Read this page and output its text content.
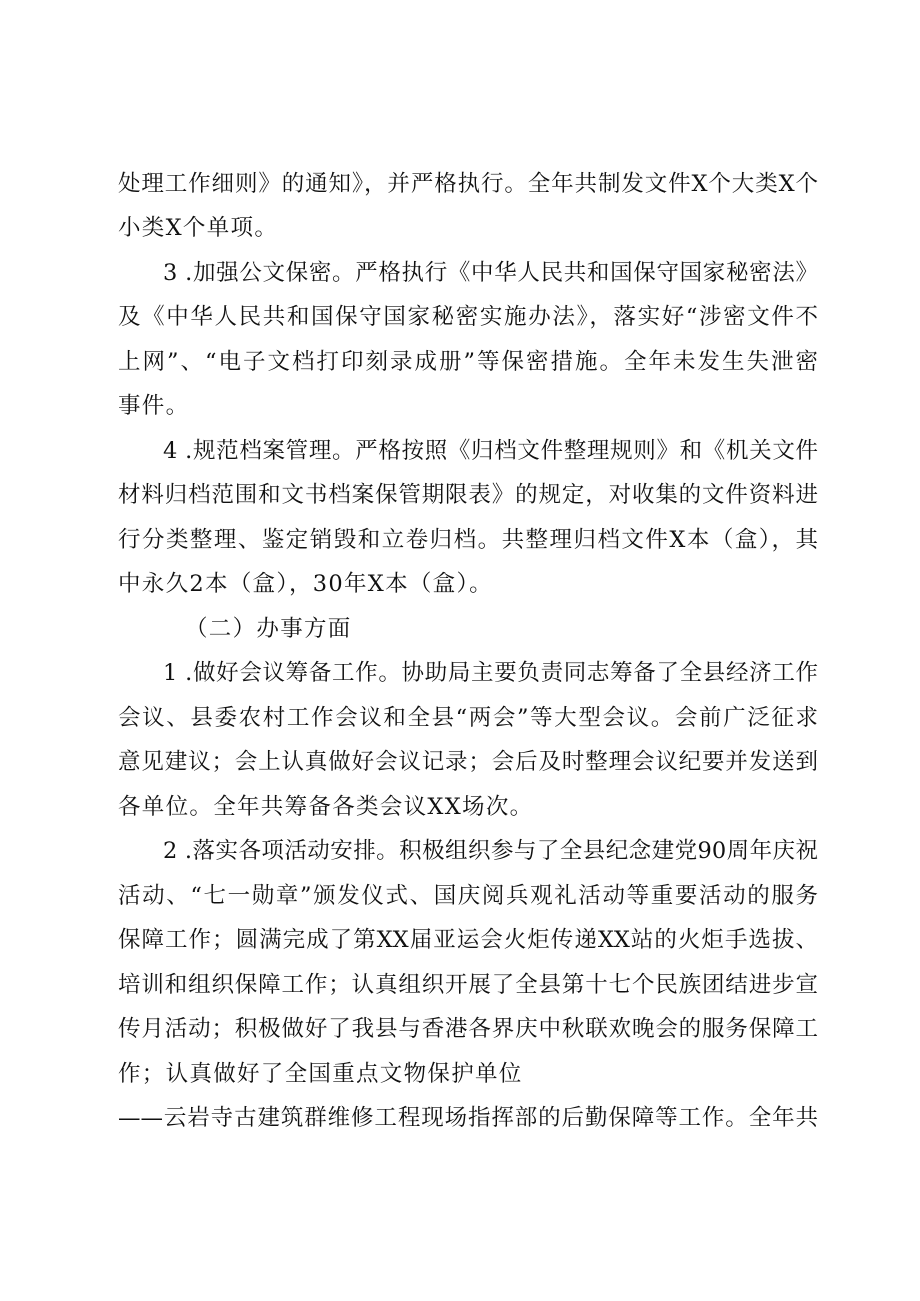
处理工作细则》的通知》，并严格执行。全年共制发文件X个大类X个
小类X个单项。
3 .加强公文保密。严格执行《中华人民共和国保守国家秘密法》
及《中华人民共和国保守国家秘密实施办法》，落实好“涉密文件不
上网”、“电子文档打印刻录成册”等保密措施。全年未发生失泄密
事件。
4 .规范档案管理。严格按照《归档文件整理规则》和《机关文件
材料归档范围和文书档案保管期限表》的规定，对收集的文件资料进
行分类整理、鉴定销毁和立卷归档。共整理归档文件X本（盒），其
中永久2本（盒），30年X本（盒）。
（二）办事方面
1 .做好会议筹备工作。协助局主要负责同志筹备了全县经济工作
会议、县委农村工作会议和全县“两会”等大型会议。会前广泛征求
意见建议；会上认真做好会议记录；会后及时整理会议纪要并发送到
各单位。全年共筹备各类会议XX场次。
2 .落实各项活动安排。积极组织参与了全县纪念建党90周年庆祝
活动、“七一勋章”颁发仪式、国庆阅兵观礼活动等重要活动的服务
保障工作；圆满完成了第XX届亚运会火炬传递XX站的火炬手选拔、
培训和组织保障工作；认真组织开展了全县第十七个民族团结进步宣
传月活动；积极做好了我县与香港各界庆中秋联欢晚会的服务保障工
作；认真做好了全国重点文物保护单位
——云岩寺古建筑群维修工程现场指挥部的后勤保障等工作。全年共
